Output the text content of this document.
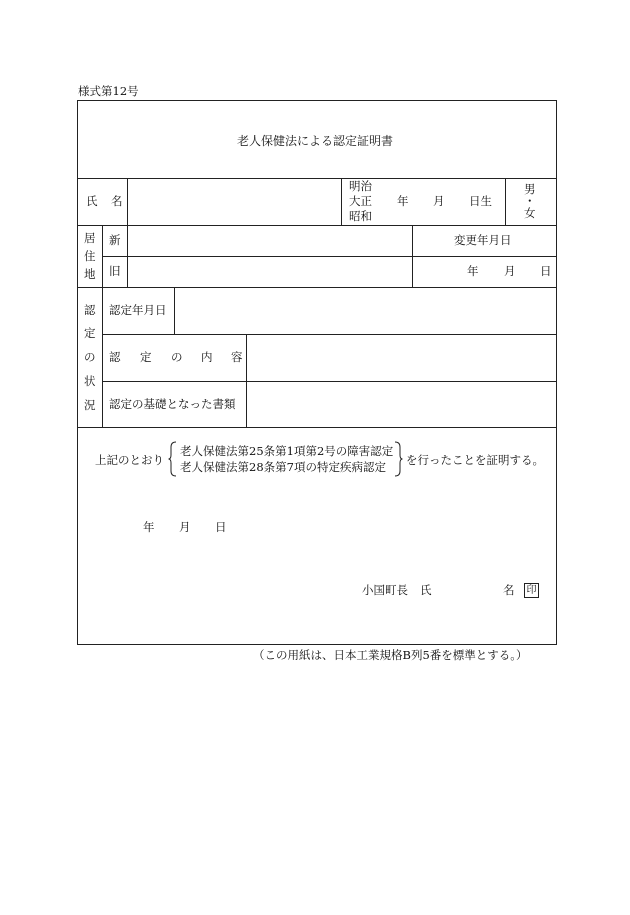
様式第12号
老人保健法による認定証明書
氏 名
明治
大正
昭和
年 月 日生
男
・
女
居
住
地
新
旧
変更年月日
年 月 日
認
定
の
状
況
認定年月日
認 定 の 内 容
認定の基礎となった書類
上記のとおり
老人保健法第25条第1項第2号の障害認定
老人保健法第28条第7項の特定疾病認定 を行ったことを証明する。
年 月 日
小国町長 氏	名 印
（この用紙は、日本工業規格B列5番を標準とする。）
